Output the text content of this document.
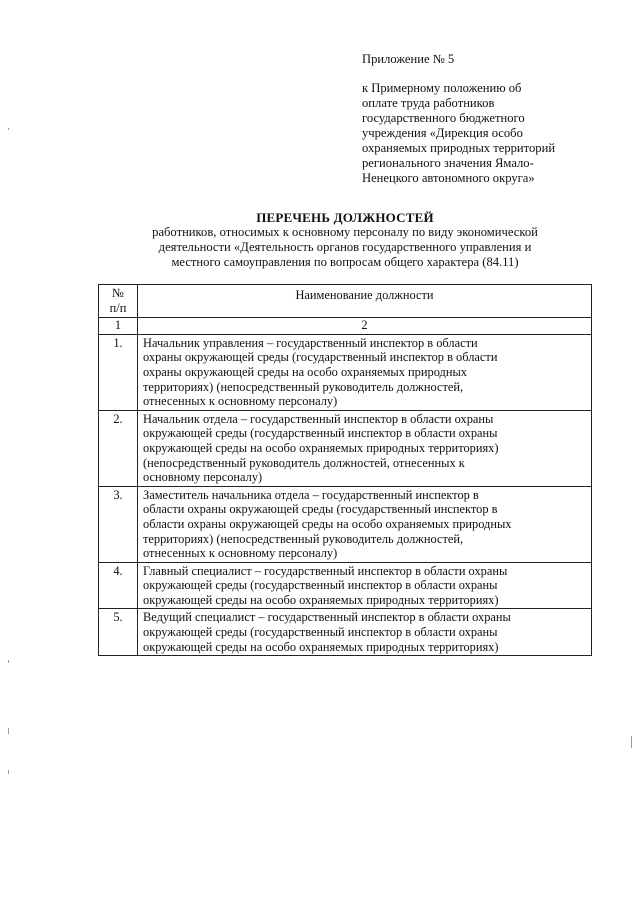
Приложение № 5
к Примерному положению об
оплате труда работников
государственного бюджетного
учреждения «Дирекция особо
охраняемых природных территорий
регионального значения Ямало-
Ненецкого автономного округа»
ПЕРЕЧЕНЬ ДОЛЖНОСТЕЙ
работников, относимых к основному персоналу по виду экономической
деятельности «Деятельность органов государственного управления и
местного самоуправления по вопросам общего характера (84.11)
№
п/п	Наименование должности
1	2
1.	Начальник управления – государственный инспектор в области
охраны окружающей среды (государственный инспектор в области
охраны окружающей среды на особо охраняемых природных
территориях) (непосредственный руководитель должностей,
отнесенных к основному персоналу)

2.	Начальник отдела – государственный инспектор в области охраны
окружающей среды (государственный инспектор в области охраны
окружающей среды на особо охраняемых природных территориях)
(непосредственный руководитель должностей, отнесенных к
основному персоналу)

3.	Заместитель начальника отдела – государственный инспектор в
области охраны окружающей среды (государственный инспектор в
области охраны окружающей среды на особо охраняемых природных
территориях) (непосредственный руководитель должностей,
отнесенных к основному персоналу)

4.	Главный специалист – государственный инспектор в области охраны
окружающей среды (государственный инспектор в области охраны
окружающей среды на особо охраняемых природных территориях)

5.	Ведущий специалист – государственный инспектор в области охраны
окружающей среды (государственный инспектор в области охраны
окружающей среды на особо охраняемых природных территориях)
